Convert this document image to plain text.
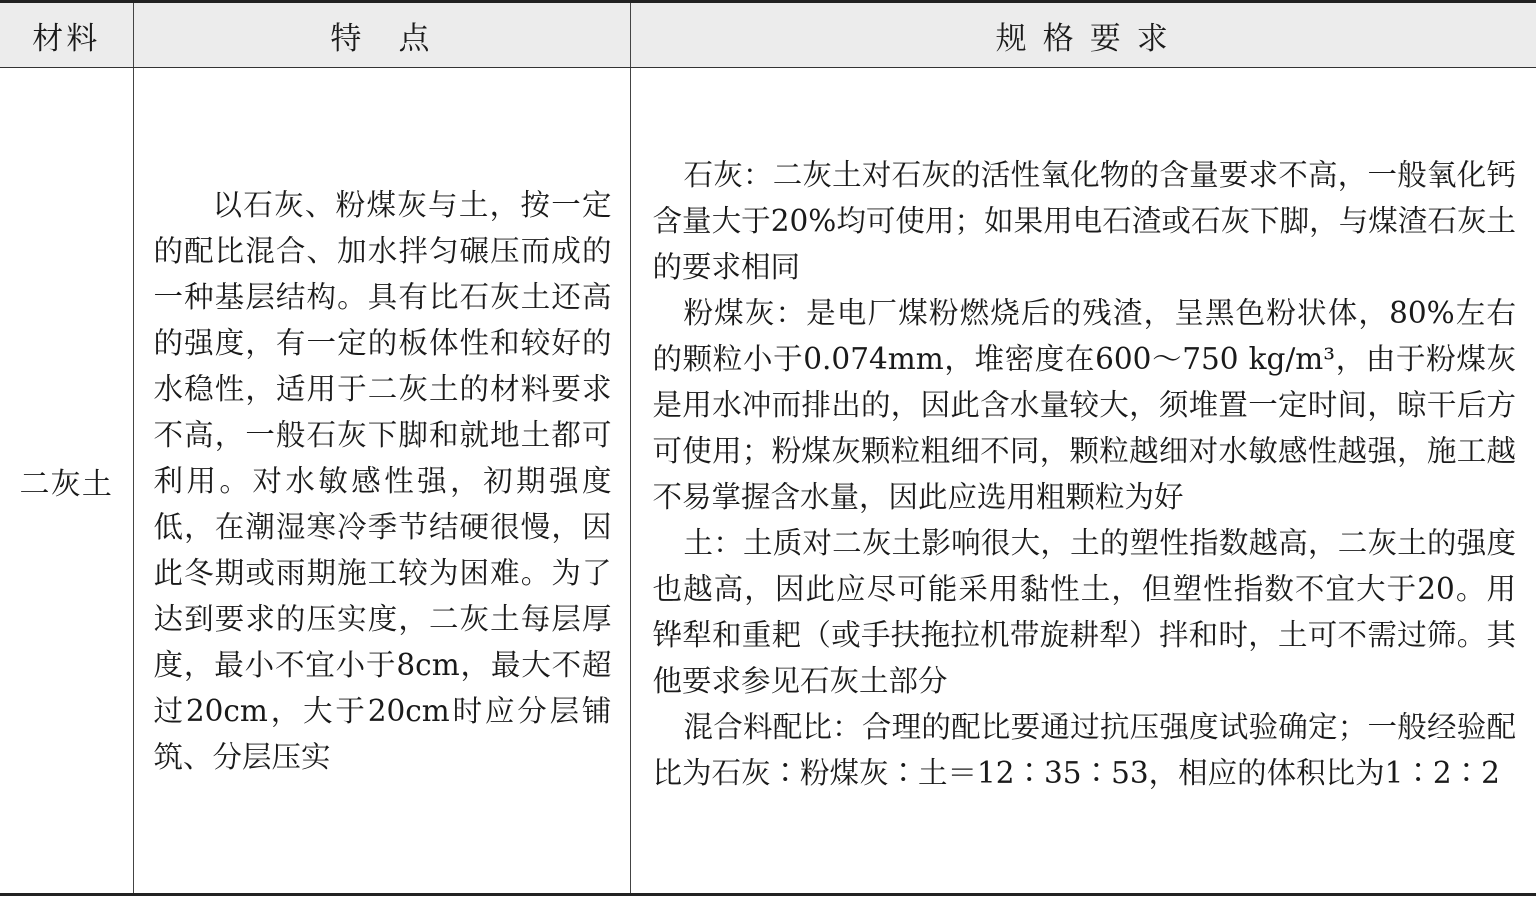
材料	特　点	规 格 要 求
二灰土	以石灰、粉煤灰与土，按一定的配比混合、加水拌匀碾压而成的一种基层结构。具有比石灰土还高的强度，有一定的板体性和较好的水稳性，适用于二灰土的材料要求不高，一般石灰下脚和就地土都可利用。对水敏感性强，初期强度低，在潮湿寒冷季节结硬很慢，因此冬期或雨期施工较为困难。为了达到要求的压实度，二灰土每层厚度，最小不宜小于8cm，最大不超过20cm，大于20cm时应分层铺筑、分层压实	石灰：二灰土对石灰的活性氧化物的含量要求不高，一般氧化钙含量大于20%均可使用；如果用电石渣或石灰下脚，与煤渣石灰土的要求相同

粉煤灰：是电厂煤粉燃烧后的残渣，呈黑色粉状体，80%左右的颗粒小于0.074mm，堆密度在600～750 kg/m³，由于粉煤灰是用水冲而排出的，因此含水量较大，须堆置一定时间，晾干后方可使用；粉煤灰颗粒粗细不同，颗粒越细对水敏感性越强，施工越不易掌握含水量，因此应选用粗颗粒为好

土：土质对二灰土影响很大，土的塑性指数越高，二灰土的强度也越高，因此应尽可能采用黏性土，但塑性指数不宜大于20。用铧犁和重耙（或手扶拖拉机带旋耕犁）拌和时，土可不需过筛。其他要求参见石灰土部分

混合料配比：合理的配比要通过抗压强度试验确定；一般经验配比为石灰∶粉煤灰∶土＝12∶35∶53，相应的体积比为1∶2∶2
